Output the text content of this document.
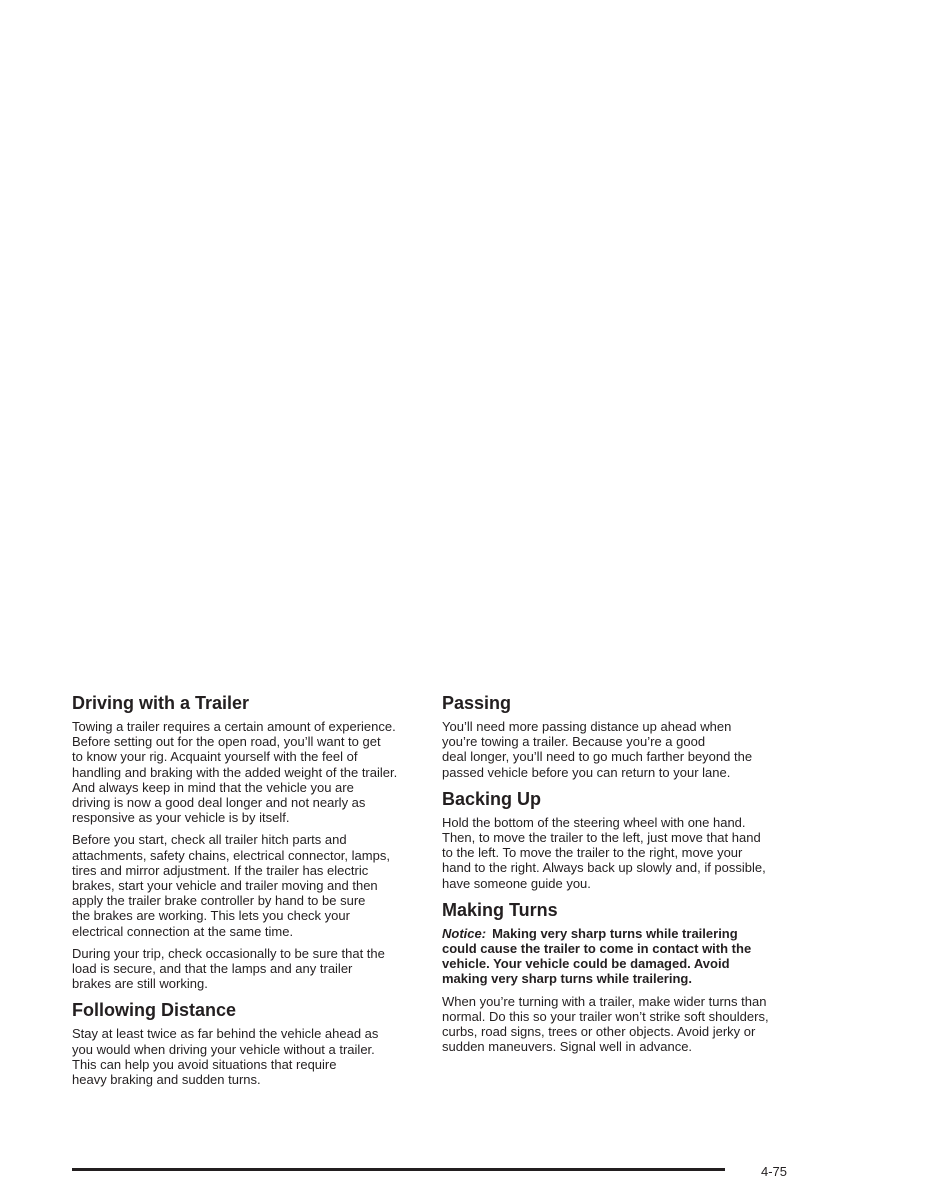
Driving with a Trailer

Towing a trailer requires a certain amount of experience.
Before setting out for the open road, you’ll want to get
to know your rig. Acquaint yourself with the feel of
handling and braking with the added weight of the trailer.
And always keep in mind that the vehicle you are
driving is now a good deal longer and not nearly as
responsive as your vehicle is by itself.

Before you start, check all trailer hitch parts and
attachments, safety chains, electrical connector, lamps,
tires and mirror adjustment. If the trailer has electric
brakes, start your vehicle and trailer moving and then
apply the trailer brake controller by hand to be sure
the brakes are working. This lets you check your
electrical connection at the same time.

During your trip, check occasionally to be sure that the
load is secure, and that the lamps and any trailer
brakes are still working.

Following Distance

Stay at least twice as far behind the vehicle ahead as
you would when driving your vehicle without a trailer.
This can help you avoid situations that require
heavy braking and sudden turns.

Passing

You’ll need more passing distance up ahead when
you’re towing a trailer. Because you’re a good
deal longer, you’ll need to go much farther beyond the
passed vehicle before you can return to your lane.

Backing Up

Hold the bottom of the steering wheel with one hand.
Then, to move the trailer to the left, just move that hand
to the left. To move the trailer to the right, move your
hand to the right. Always back up slowly and, if possible,
have someone guide you.

Making Turns

Notice: Making very sharp turns while trailering
could cause the trailer to come in contact with the
vehicle. Your vehicle could be damaged. Avoid
making very sharp turns while trailering.

When you’re turning with a trailer, make wider turns than
normal. Do this so your trailer won’t strike soft shoulders,
curbs, road signs, trees or other objects. Avoid jerky or
sudden maneuvers. Signal well in advance.

4-75
